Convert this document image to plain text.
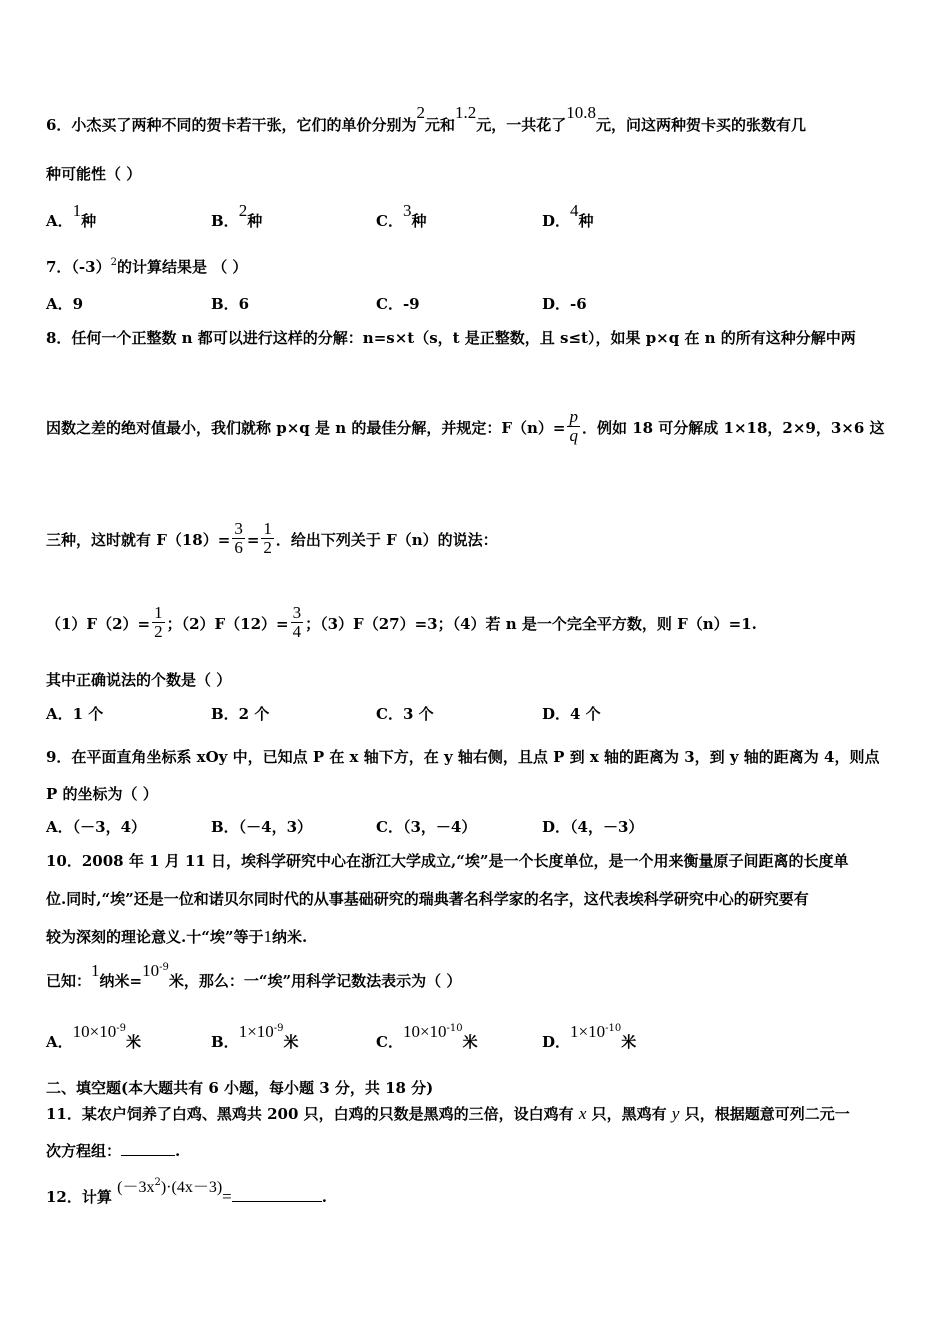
6．小杰买了两种不同的贺卡若干张，它们的单价分别为2元和1.2元，一共花了10.8元，问这两种贺卡买的张数有几
种可能性（ ）
A．1种	B．2种	C．3种	D．4种
7．$(-3)^2$的计算结果是 （ ）
A．9	B．6	C．-9	D．-6
8．任何一个正整数 n 都可以进行这样的分解：n=s×t（s，t 是正整数，且 s≤t），如果 p×q 在 n 的所有这种分解中两
因数之差的绝对值最小，我们就称 p×q 是 n 的最佳分解，并规定：$F(n)= \frac{p}{q}$ ．例如 18 可分解成 1×18，2×9，3×6 这
三种，这时就有 $F(18)= \frac{3}{6} = \frac{1}{2}$ ．给出下列关于 F（n）的说法：
$(1)F(2)= \frac{1}{2}$ ；$(2)F(12)= \frac{3}{4}$ ；（3）F（27）=3；（4）若 n 是一个完全平方数，则 F（n）=1.
其中正确说法的个数是（ ）
A．1 个	B．2 个	C．3 个	D．4 个
9．在平面直角坐标系 xOy 中，已知点 P 在 x 轴下方，在 y 轴右侧，且点 P 到 x 轴的距离为 3，到 y 轴的距离为 4，则点
P 的坐标为（ ）
A．（－3，4）	B．（－4，3）	C．（3，－4）	D．（4，－3）
10．2008 年 1 月 11 日，埃科学研究中心在浙江大学成立,“埃”是一个长度单位，是一个用来衡量原子间距离的长度单
位.同时,“埃”还是一位和诺贝尔同时代的从事基础研究的瑞典著名科学家的名字，这代表埃科学研究中心的研究要有
较为深刻的理论意义.十“埃”等于1纳米.
已知：1纳米$=10^{-9}$米，那么：一“埃”用科学记数法表示为（ ）
A．$10\times 10^{-9}$米	B．$1\times 10^{-9}$米	C．$10\times 10^{-10}$米	D．$1\times 10^{-10}$米
二、填空题(本大题共有 6 小题，每小题 3 分，共 18 分)
11．某农户饲养了白鸡、黑鸡共 200 只，白鸡的只数是黑鸡的三倍，设白鸡有 x 只，黑鸡有 y 只，根据题意可列二元一
次方程组：	.
12．计算 $(-3x^2)\cdot(4x-3)=$	.
